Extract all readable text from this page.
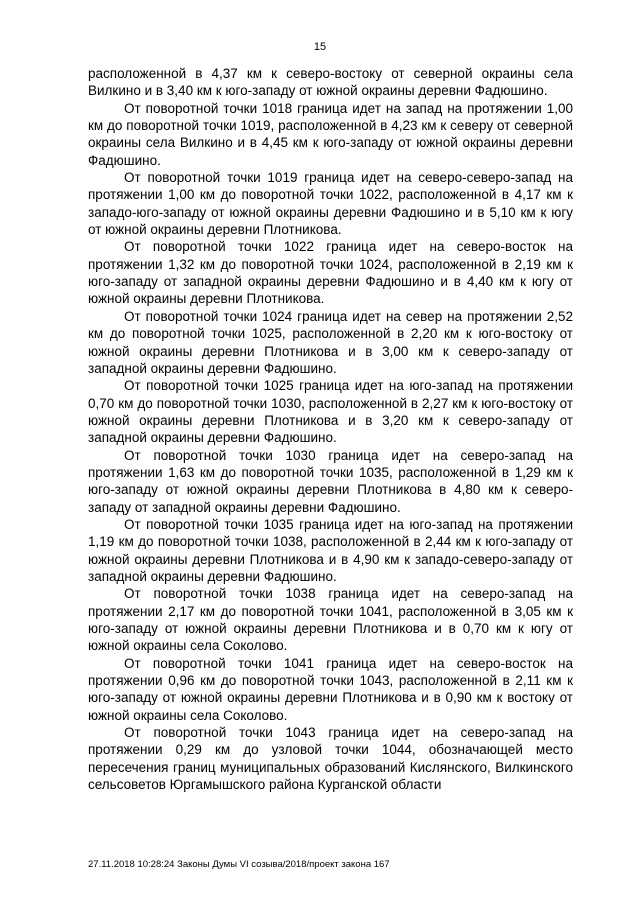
15

расположенной в 4,37 км к северо-востоку от северной окраины села Вилкино и в 3,40 км к юго-западу от южной окраины деревни Фадюшино.

От поворотной точки 1018 граница идет на запад на протяжении 1,00 км до поворотной точки 1019, расположенной в 4,23 км к северу от северной окраины села Вилкино и в 4,45 км к юго-западу от южной окраины деревни Фадюшино.

От поворотной точки 1019 граница идет на северо-северо-запад на протяжении 1,00 км до поворотной точки 1022, расположенной в 4,17 км к западо-юго-западу от южной окраины деревни Фадюшино и в 5,10 км к югу от южной окраины деревни Плотникова.

От поворотной точки 1022 граница идет на северо-восток на протяжении 1,32 км до поворотной точки 1024, расположенной в 2,19 км к юго-западу от западной окраины деревни Фадюшино и в 4,40 км к югу от южной окраины деревни Плотникова.

От поворотной точки 1024 граница идет на север на протяжении 2,52 км до поворотной точки 1025, расположенной в 2,20 км к юго-востоку от южной окраины деревни Плотникова и в 3,00 км к северо-западу от западной окраины деревни Фадюшино.

От поворотной точки 1025 граница идет на юго-запад на протяжении 0,70 км до поворотной точки 1030, расположенной в 2,27 км к юго-востоку от южной окраины деревни Плотникова и в 3,20 км к северо-западу от западной окраины деревни Фадюшино.

От поворотной точки 1030 граница идет на северо-запад на протяжении 1,63 км до поворотной точки 1035, расположенной в 1,29 км к юго-западу от южной окраины деревни Плотникова в 4,80 км к северо-западу от западной окраины деревни Фадюшино.

От поворотной точки 1035 граница идет на юго-запад на протяжении 1,19 км до поворотной точки 1038, расположенной в 2,44 км к юго-западу от южной окраины деревни Плотникова и в 4,90 км к западо-северо-западу от западной окраины деревни Фадюшино.

От поворотной точки 1038 граница идет на северо-запад на протяжении 2,17 км до поворотной точки 1041, расположенной в 3,05 км к юго-западу от южной окраины деревни Плотникова и в 0,70 км к югу от южной окраины села Соколово.

От поворотной точки 1041 граница идет на северо-восток на протяжении 0,96 км до поворотной точки 1043, расположенной в 2,11 км к юго-западу от южной окраины деревни Плотникова и в 0,90 км к востоку от южной окраины села Соколово.

От поворотной точки 1043 граница идет на северо-запад на протяжении 0,29 км до узловой точки 1044, обозначающей место пересечения границ муниципальных образований Кислянского, Вилкинского сельсоветов Юргамышского района Курганской области

27.11.2018 10:28:24 Законы Думы VI созыва/2018/проект закона 167
